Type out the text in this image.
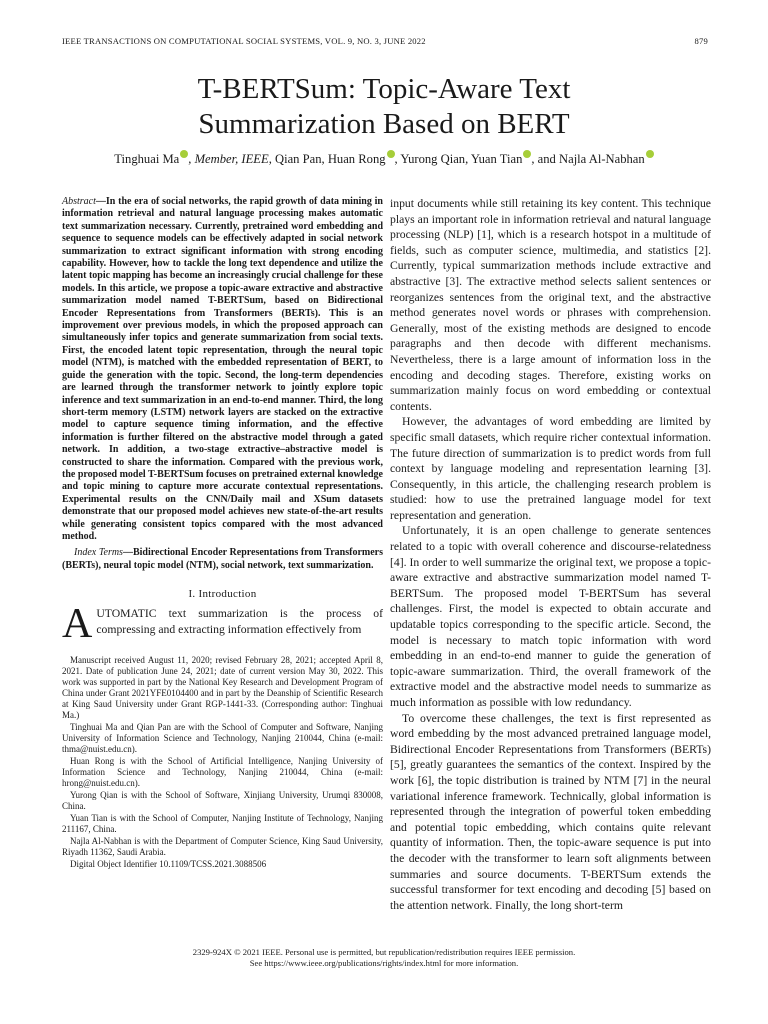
IEEE TRANSACTIONS ON COMPUTATIONAL SOCIAL SYSTEMS, VOL. 9, NO. 3, JUNE 2022	879
T-BERTSum: Topic-Aware Text
Summarization Based on BERT
Tinghuai Ma , Member, IEEE, Qian Pan, Huan Rong , Yurong Qian, Yuan Tian , and Najla Al-Nabhan

Abstract—In the era of social networks, the rapid growth of data mining in information retrieval and natural language processing makes automatic text summarization necessary. Currently, pretrained word embedding and sequence to sequence models can be effectively adapted in social network summarization to extract significant information with strong encoding capability. However, how to tackle the long text dependence and utilize the latent topic mapping has become an increasingly crucial challenge for these models. In this article, we propose a topic-aware extractive and abstractive summarization model named T-BERTSum, based on Bidirectional Encoder Representations from Transformers (BERTs). This is an improvement over previous models, in which the proposed approach can simultaneously infer topics and generate summarization from social texts. First, the encoded latent topic representation, through the neural topic model (NTM), is matched with the embedded representation of BERT, to guide the generation with the topic. Second, the long-term dependencies are learned through the transformer network to jointly explore topic inference and text summarization in an end-to-end manner. Third, the long short-term memory (LSTM) network layers are stacked on the extractive model to capture sequence timing information, and the effective information is further filtered on the abstractive model through a gated network. In addition, a two-stage extractive–abstractive model is constructed to share the information. Compared with the previous work, the proposed model T-BERTSum focuses on pretrained external knowledge and topic mining to capture more accurate contextual representations. Experimental results on the CNN/Daily mail and XSum datasets demonstrate that our proposed model achieves new state-of-the-art results while generating consistent topics compared with the most advanced method.

Index Terms—Bidirectional Encoder Representations from Transformers (BERTs), neural topic model (NTM), social network, text summarization.

I. Introduction

AUTOMATIC text summarization is the process of compressing and extracting information effectively from

Manuscript received August 11, 2020; revised February 28, 2021; accepted April 8, 2021. Date of publication June 24, 2021; date of current version May 30, 2022. This work was supported in part by the National Key Research and Development Program of China under Grant 2021YFE0104400 and in part by the Deanship of Scientific Research at King Saud University under Grant RGP-1441-33. (Corresponding author: Tinghuai Ma.)

Tinghuai Ma and Qian Pan are with the School of Computer and Software, Nanjing University of Information Science and Technology, Nanjing 210044, China (e-mail: thma@nuist.edu.cn).

Huan Rong is with the School of Artificial Intelligence, Nanjing University of Information Science and Technology, Nanjing 210044, China (e-mail: hrong@nuist.edu.cn).

Yurong Qian is with the School of Software, Xinjiang University, Urumqi 830008, China.

Yuan Tian is with the School of Computer, Nanjing Institute of Technology, Nanjing 211167, China.

Najla Al-Nabhan is with the Department of Computer Science, King Saud University, Riyadh 11362, Saudi Arabia.

Digital Object Identifier 10.1109/TCSS.2021.3088506

input documents while still retaining its key content. This technique plays an important role in information retrieval and natural language processing (NLP) [1], which is a research hotspot in a multitude of fields, such as computer science, multimedia, and statistics [2]. Currently, typical summarization methods include extractive and abstractive [3]. The extractive method selects salient sentences or reorganizes sentences from the original text, and the abstractive method generates novel words or phrases with comprehension. Generally, most of the existing methods are designed to encode paragraphs and then decode with different mechanisms. Nevertheless, there is a large amount of information loss in the encoding and decoding stages. Therefore, existing works on summarization mainly focus on word embedding or contextual contents.

However, the advantages of word embedding are limited by specific small datasets, which require richer contextual information. The future direction of summarization is to predict words from full context by language modeling and representation learning [3]. Consequently, in this article, the challenging research problem is studied: how to use the pretrained language model for text representation and generation.

Unfortunately, it is an open challenge to generate sentences related to a topic with overall coherence and discourse-relatedness [4]. In order to well summarize the original text, we propose a topic-aware extractive and abstractive summarization model named T-BERTSum. The proposed model T-BERTSum has several challenges. First, the model is expected to obtain accurate and updatable topics corresponding to the specific article. Second, the model is necessary to match topic information with word embedding in an end-to-end manner to guide the generation of topic-aware summarization. Third, the overall framework of the extractive model and the abstractive model needs to summarize as much information as possible with low redundancy.

To overcome these challenges, the text is first represented as word embedding by the most advanced pretrained language model, Bidirectional Encoder Representations from Transformers (BERTs) [5], greatly guarantees the semantics of the context. Inspired by the work [6], the topic distribution is trained by NTM [7] in the neural variational inference framework. Technically, global information is represented through the integration of powerful token embedding and potential topic embedding, which contains quite relevant quantity of information. Then, the topic-aware sequence is put into the decoder with the transformer to learn soft alignments between summaries and source documents. T-BERTSum extends the successful transformer for text encoding and decoding [5] based on the attention network. Finally, the long short-term

2329-924X © 2021 IEEE. Personal use is permitted, but republication/redistribution requires IEEE permission.
See https://www.ieee.org/publications/rights/index.html for more information.
